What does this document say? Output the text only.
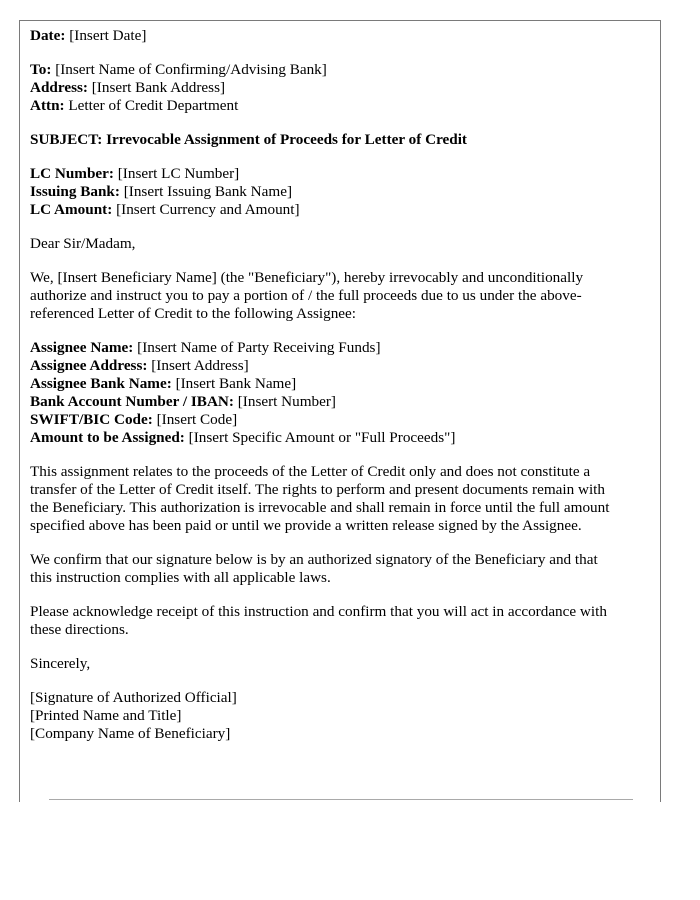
Date: [Insert Date]
To: [Insert Name of Confirming/Advising Bank]
Address: [Insert Bank Address]
Attn: Letter of Credit Department
SUBJECT: Irrevocable Assignment of Proceeds for Letter of Credit
LC Number: [Insert LC Number]
Issuing Bank: [Insert Issuing Bank Name]
LC Amount: [Insert Currency and Amount]
Dear Sir/Madam,

We, [Insert Beneficiary Name] (the "Beneficiary"), hereby irrevocably and unconditionally authorize and instruct you to pay a portion of / the full proceeds due to us under the above-referenced Letter of Credit to the following Assignee:

Assignee Name: [Insert Name of Party Receiving Funds]
Assignee Address: [Insert Address]
Assignee Bank Name: [Insert Bank Name]
Bank Account Number / IBAN: [Insert Number]
SWIFT/BIC Code: [Insert Code]
Amount to be Assigned: [Insert Specific Amount or "Full Proceeds"]

This assignment relates to the proceeds of the Letter of Credit only and does not constitute a transfer of the Letter of Credit itself. The rights to perform and present documents remain with the Beneficiary. This authorization is irrevocable and shall remain in force until the full amount specified above has been paid or until we provide a written release signed by the Assignee.

We confirm that our signature below is by an authorized signatory of the Beneficiary and that this instruction complies with all applicable laws.

Please acknowledge receipt of this instruction and confirm that you will act in accordance with these directions.

Sincerely,
[Signature of Authorized Official]
[Printed Name and Title]
[Company Name of Beneficiary]
